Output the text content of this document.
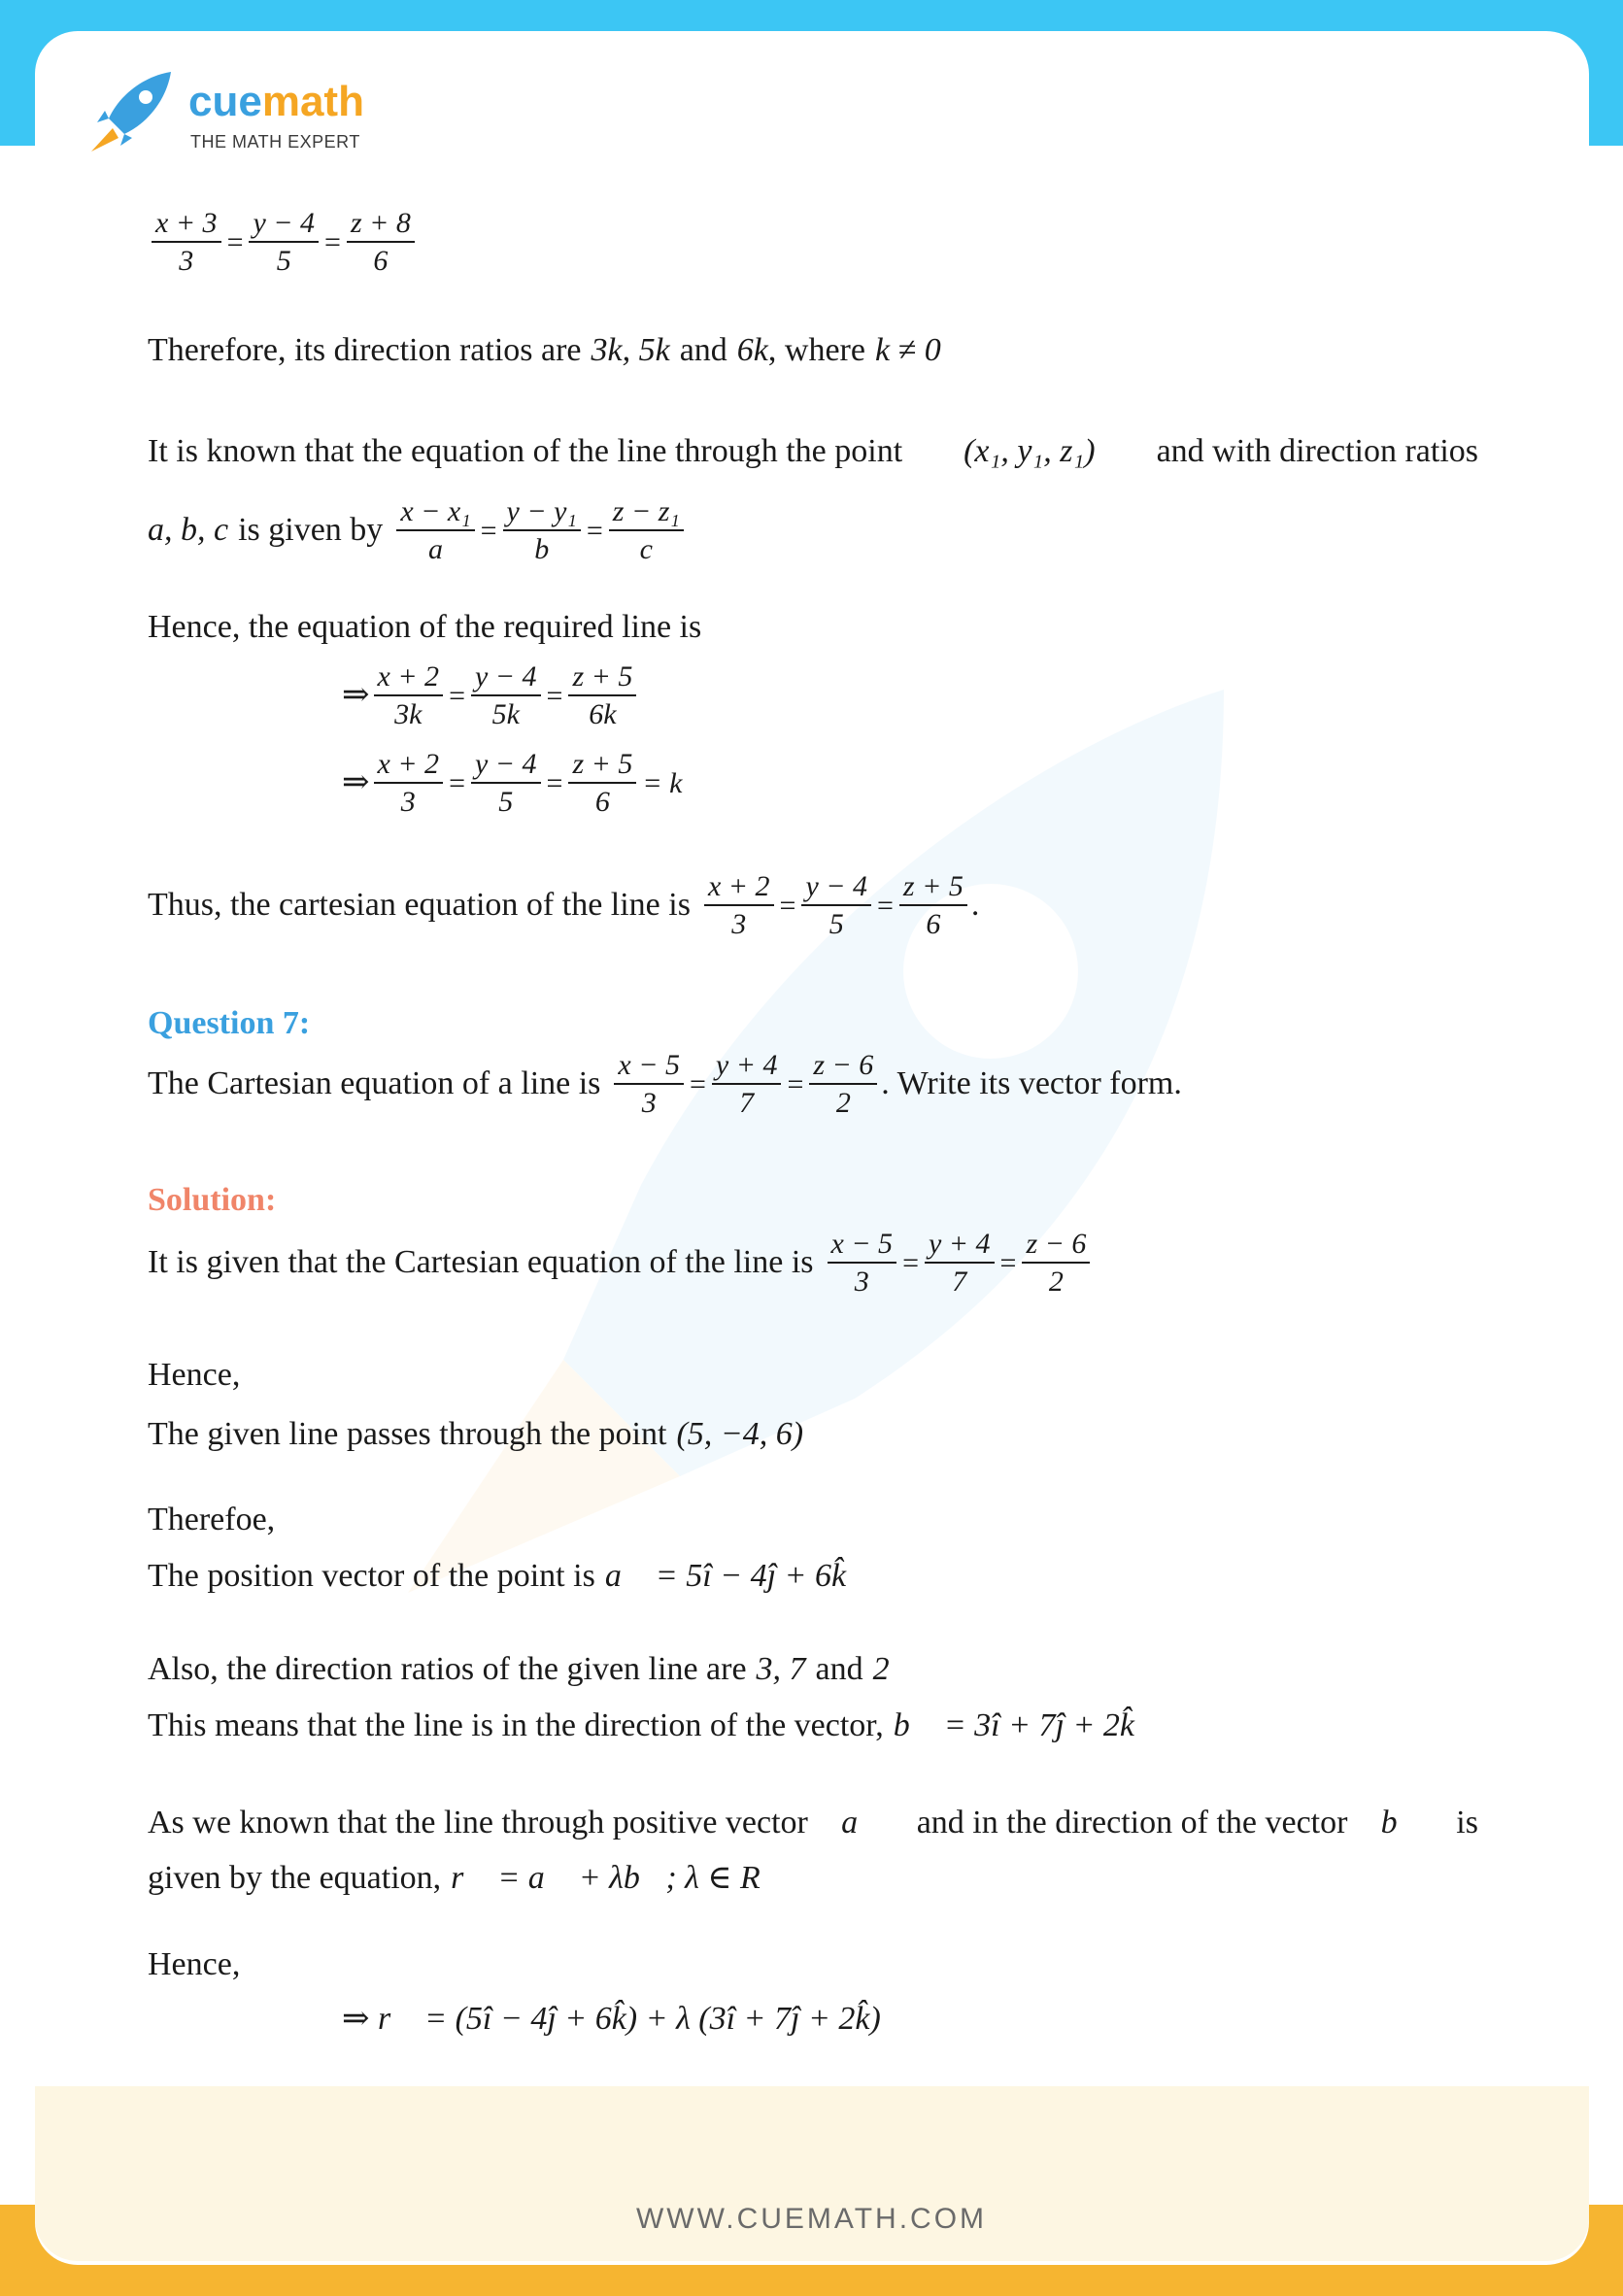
cuemath
THE MATH EXPERT
$\frac{x + 3}{3} = \frac{y - 4}{5} = \frac{z + 8}{6}$
Therefore, its direction ratios are 3k, 5k and 6k , where k ≠ 0
It is known that the equation of the line through the point (x₁, y₁, z₁) and with direction ratios
a, b, c is given by $\frac{\text{x − x₁}}{a} = \frac{\text{y − y₁}}{b} = \frac{\text{z − z₁}}{c}$
Hence, the equation of the required line is
⇒ $\frac{x + 2}{3k} = \frac{y - 4}{5k} = \frac{z + 5}{6k}$
⇒ $\frac{x + 2}{3} = \frac{y - 4}{5} = \frac{z + 5}{6} = k$
Thus, the cartesian equation of the line is $\frac{x + 2}{3} = \frac{y - 4}{5} = \frac{z + 5}{6}$ .
Question 7:
The Cartesian equation of a line is $\frac{x - 5}{3} = \frac{y + 4}{7} = \frac{z - 6}{2}$ . Write its vector form.
Solution:
It is given that the Cartesian equation of the line is $\frac{x - 5}{3} = \frac{y + 4}{7} = \frac{z - 6}{2}$
Hence,
The given line passes through the point (5, −4, 6)
Therefoe,
The position vector of the point is a⃗ = 5î − 4ĵ + 6k̂
Also, the direction ratios of the given line are 3, 7 and 2
This means that the line is in the direction of the vector, b⃗ = 3î + 7ĵ + 2k̂
As we known that the line through positive vector a⃗ and in the direction of the vector b⃗ is
given by the equation, r⃗ = a⃗ + λb⃗; λ ∈ R
Hence,
⇒ r⃗ = (5î − 4ĵ + 6k̂) + λ (3î + 7ĵ + 2k̂)
WWW.CUEMATH.COM
